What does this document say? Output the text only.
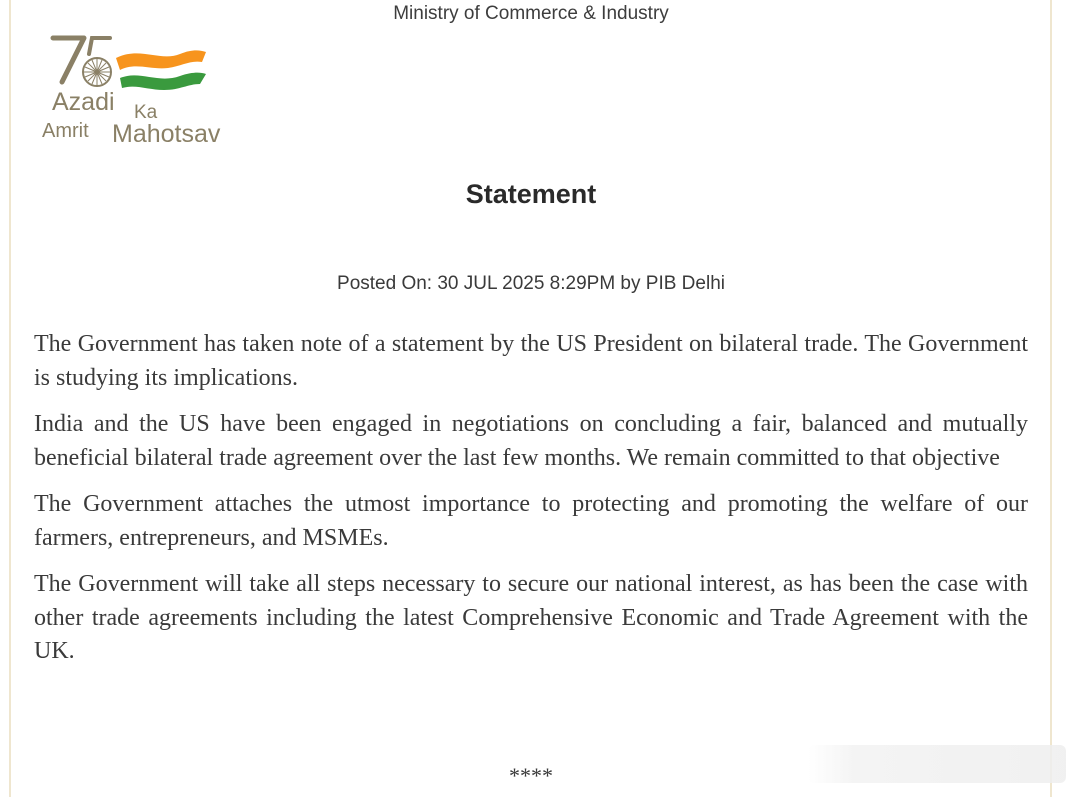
Ministry of Commerce & Industry
Azadi Ka
Amrit Mahotsav
Statement
Posted On: 30 JUL 2025 8:29PM by PIB Delhi

The Government has taken note of a statement by the US President on bilateral trade. The Government is studying its implications.

India and the US have been engaged in negotiations on concluding a fair, balanced and mutually beneficial bilateral trade agreement over the last few months. We remain committed to that objective

The Government attaches the utmost importance to protecting and promoting the welfare of our farmers, entrepreneurs, and MSMEs.

The Government will take all steps necessary to secure our national interest, as has been the case with other trade agreements including the latest Comprehensive Economic and Trade Agreement with the UK.

****
